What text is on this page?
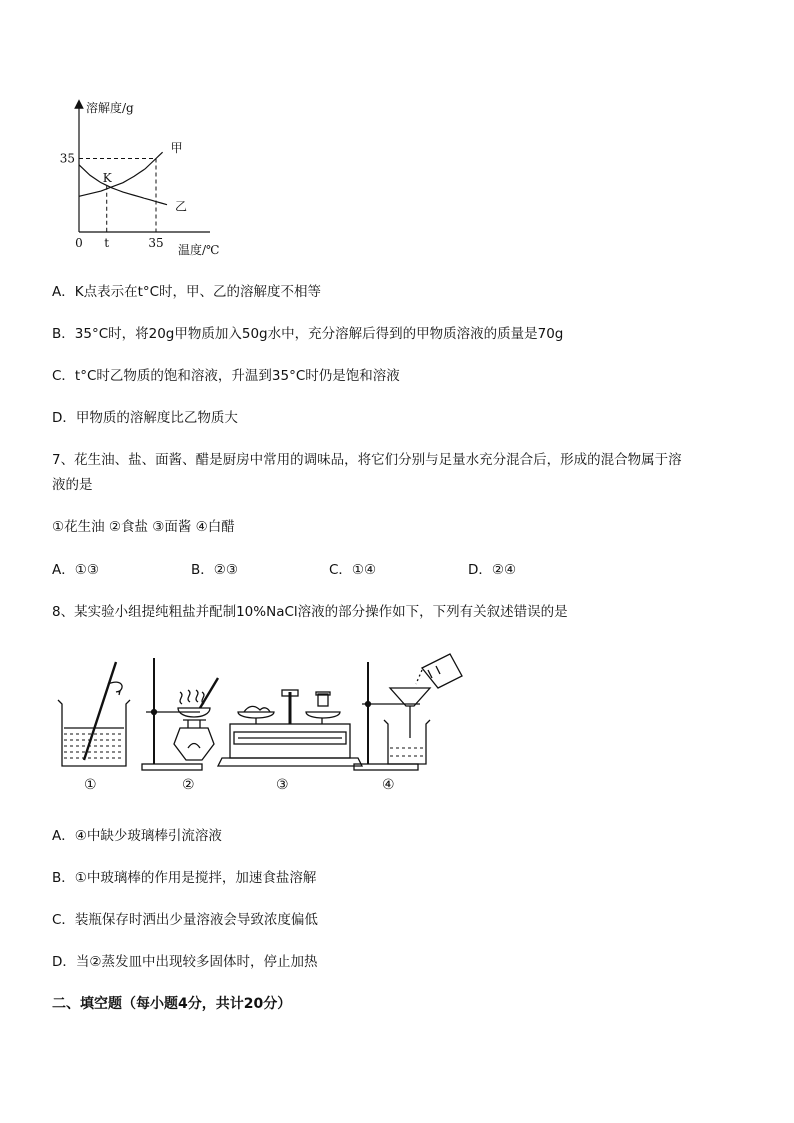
甲
乙
溶解度/g
35
0 t	35 温度/℃
K
A．K点表示在t°C时，甲、乙的溶解度不相等
B．35°C时，将20g甲物质加入50g水中，充分溶解后得到的甲物质溶液的质量是70g
C．t°C时乙物质的饱和溶液，升温到35°C时仍是饱和溶液
D．甲物质的溶解度比乙物质大
7、花生油、盐、面酱、醋是厨房中常用的调味品，将它们分别与足量水充分混合后，形成的混合物属于溶
液的是
①花生油 ②食盐 ③面酱 ④白醋
A．①③	B．②③	C．①④	D．②④
8、某实验小组提纯粗盐并配制10%NaCl溶液的部分操作如下，下列有关叙述错误的是
①	②	③	④
A．④中缺少玻璃棒引流溶液
B．①中玻璃棒的作用是搅拌，加速食盐溶解
C．装瓶保存时洒出少量溶液会导致浓度偏低
D．当②蒸发皿中出现较多固体时，停止加热
二、填空题（每小题4分，共计20分）
